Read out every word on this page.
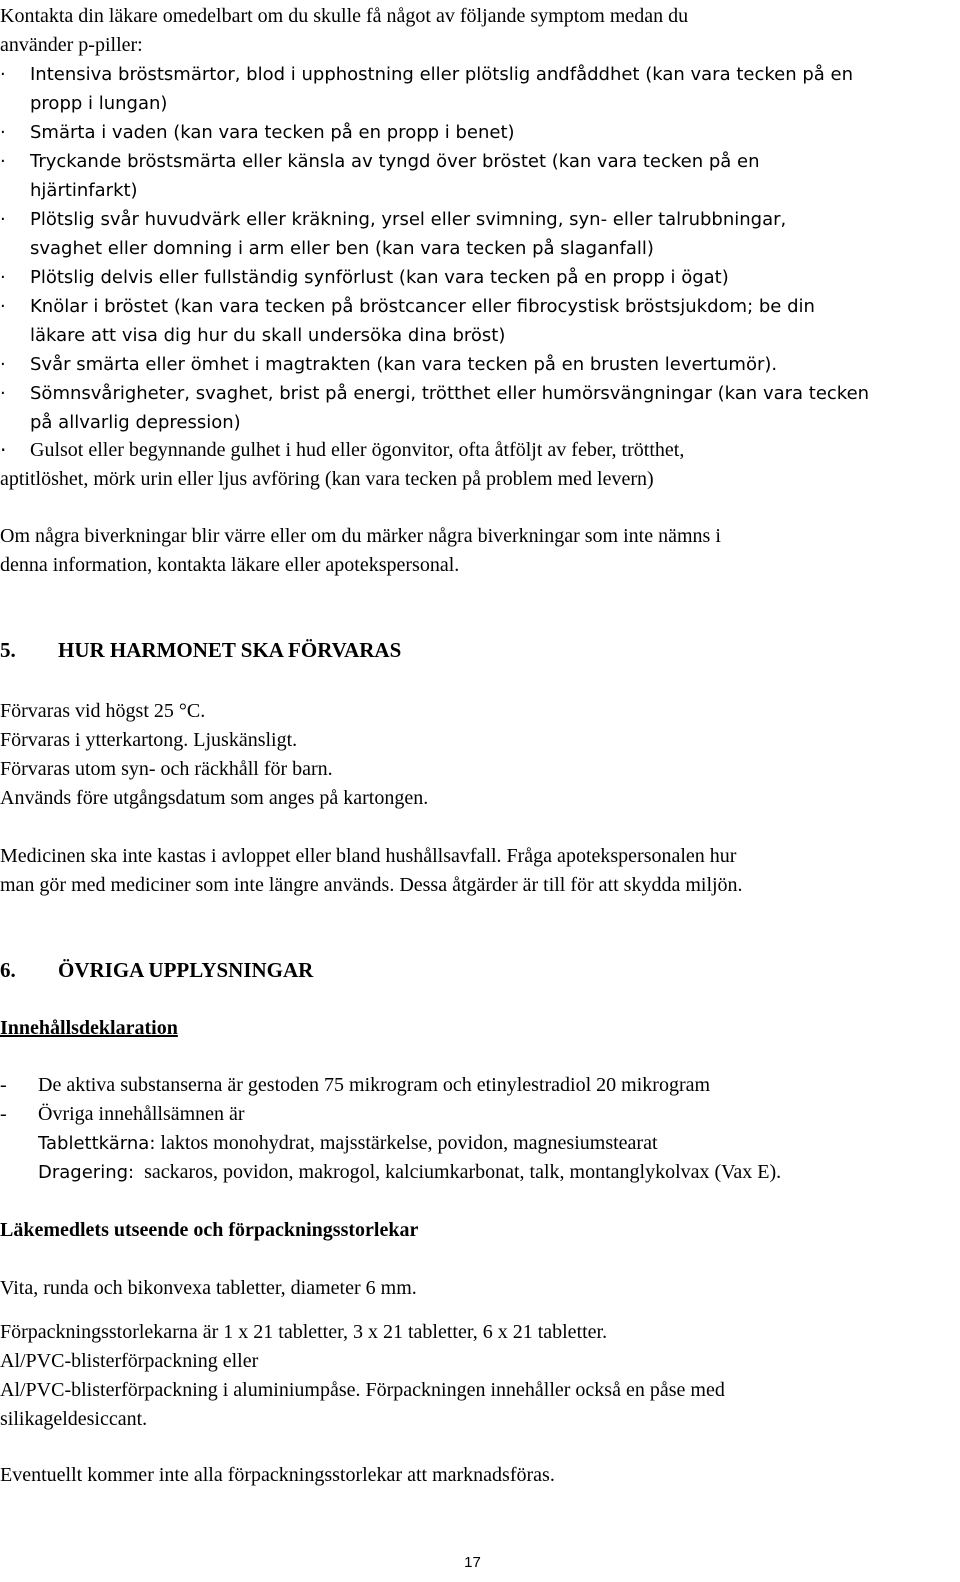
Kontakta din läkare omedelbart om du skulle få något av följande symptom medan du

använder p-piller:

·	Intensiva bröstsmärtor, blod i upphostning eller plötslig andfåddhet (kan vara tecken på en
propp i lungan)
·	Smärta i vaden (kan vara tecken på en propp i benet)
·	Tryckande bröstsmärta eller känsla av tyngd över bröstet (kan vara tecken på en
hjärtinfarkt)
·	Plötslig svår huvudvärk eller kräkning, yrsel eller svimning, syn- eller talrubbningar,
svaghet eller domning i arm eller ben (kan vara tecken på slaganfall)
·	Plötslig delvis eller fullständig synförlust (kan vara tecken på en propp i ögat)
·	Knölar i bröstet (kan vara tecken på bröstcancer eller fibrocystisk bröstsjukdom; be din
läkare att visa dig hur du skall undersöka dina bröst)
·	Svår smärta eller ömhet i magtrakten (kan vara tecken på en brusten levertumör).
·	Sömnsvårigheter, svaghet, brist på energi, trötthet eller humörsvängningar (kan vara tecken
på allvarlig depression)
·	Gulsot eller begynnande gulhet i hud eller ögonvitor, ofta åtföljt av feber, trötthet,

aptitlöshet, mörk urin eller ljus avföring (kan vara tecken på problem med levern)

Om några biverkningar blir värre eller om du märker några biverkningar som inte nämns i

denna information, kontakta läkare eller apotekspersonal.

5. HUR HARMONET SKA FÖRVARAS

Förvaras vid högst 25 °C.

Förvaras i ytterkartong. Ljuskänsligt.

Förvaras utom syn- och räckhåll för barn.

Används före utgångsdatum som anges på kartongen.

Medicinen ska inte kastas i avloppet eller bland hushållsavfall. Fråga apotekspersonalen hur

man gör med mediciner som inte längre används. Dessa åtgärder är till för att skydda miljön.

6. ÖVRIGA UPPLYSNINGAR
Innehållsdeklaration
-	De aktiva substanserna är gestoden 75 mikrogram och etinylestradiol 20 mikrogram
-	Övriga innehållsämnen är
Tablettkärna: laktos monohydrat, majsstärkelse, povidon, magnesiumstearat
Dragering: sackaros, povidon, makrogol, kalciumkarbonat, talk, montanglykolvax (Vax E).
Läkemedlets utseende och förpackningsstorlekar

Vita, runda och bikonvexa tabletter, diameter 6 mm.

Förpackningsstorlekarna är 1 x 21 tabletter, 3 x 21 tabletter, 6 x 21 tabletter.

Al/PVC-blisterförpackning eller

Al/PVC-blisterförpackning i aluminiumpåse. Förpackningen innehåller också en påse med

silikageldesiccant.

Eventuellt kommer inte alla förpackningsstorlekar att marknadsföras.

17
